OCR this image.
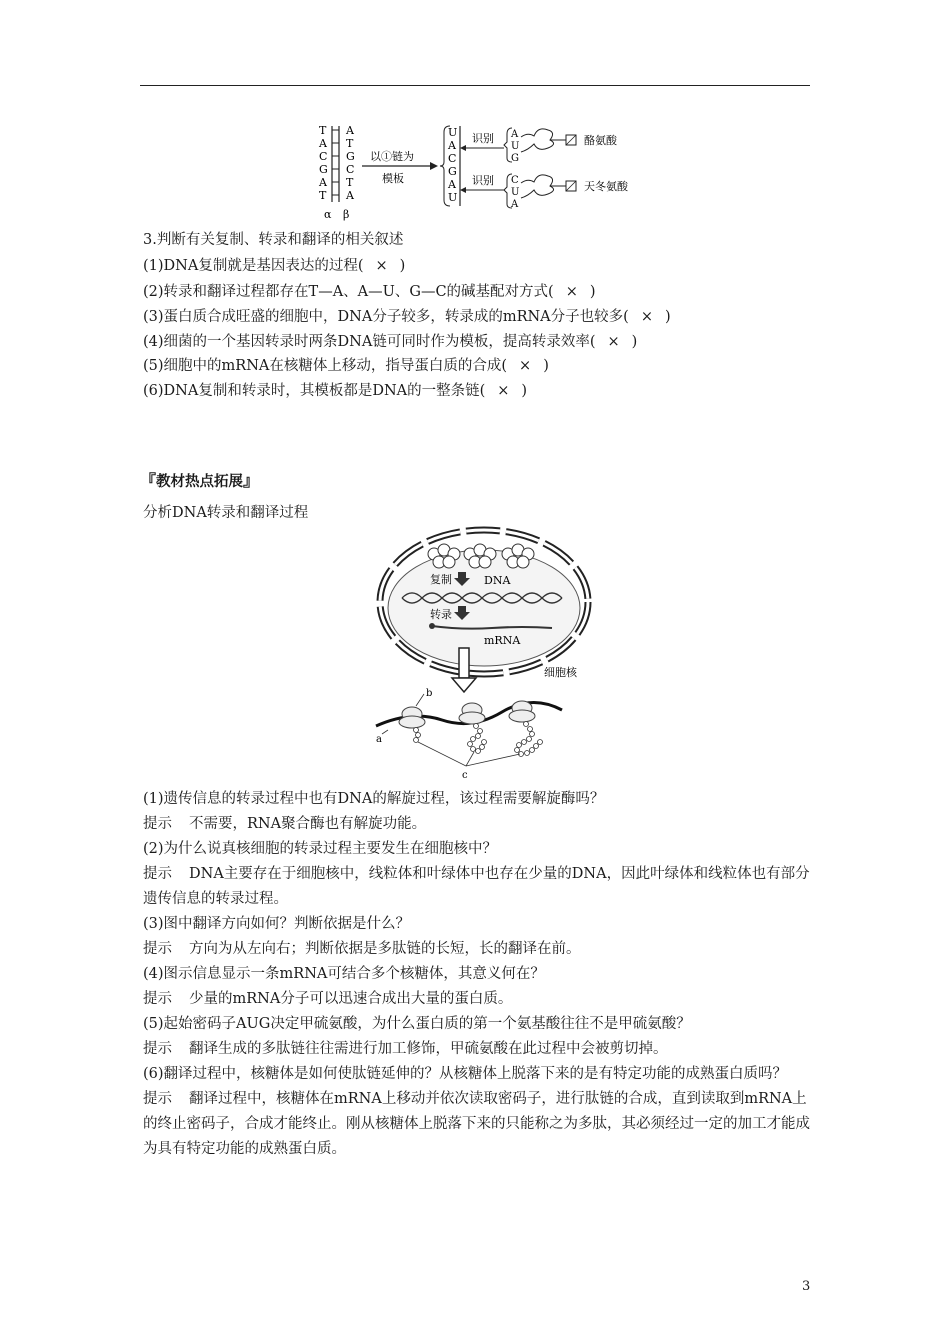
T
A
C
G
A
T
A
T
G
C
T
A
α β
以①链为
模板
U
A
C
G
A
U
识别
识别
A
U
G
酪氨酸
C
U
A
天冬氨酸
3.判断有关复制、转录和翻译的相关叙述
(1)DNA复制就是基因表达的过程( × )
(2)转录和翻译过程都存在T—A、A—U、G—C的碱基配对方式( × )
(3)蛋白质合成旺盛的细胞中，DNA分子较多，转录成的mRNA分子也较多( × )
(4)细菌的一个基因转录时两条DNA链可同时作为模板，提高转录效率( × )
(5)细胞中的mRNA在核糖体上移动，指导蛋白质的合成( × )
(6)DNA复制和转录时，其模板都是DNA的一整条链( × )
『教材热点拓展』
分析DNA转录和翻译过程
复制	DNA
转录
mRNA
细胞核
b
a
c
(1)遗传信息的转录过程中也有DNA的解旋过程，该过程需要解旋酶吗？
提示 不需要，RNA聚合酶也有解旋功能。
(2)为什么说真核细胞的转录过程主要发生在细胞核中？
提示 DNA主要存在于细胞核中，线粒体和叶绿体中也存在少量的DNA，因此叶绿体和线粒体也有部分遗传信息的转录过程。
(3)图中翻译方向如何？判断依据是什么？
提示 方向为从左向右；判断依据是多肽链的长短，长的翻译在前。
(4)图示信息显示一条mRNA可结合多个核糖体，其意义何在？
提示 少量的mRNA分子可以迅速合成出大量的蛋白质。
(5)起始密码子AUG决定甲硫氨酸，为什么蛋白质的第一个氨基酸往往不是甲硫氨酸？
提示 翻译生成的多肽链往往需进行加工修饰，甲硫氨酸在此过程中会被剪切掉。
(6)翻译过程中，核糖体是如何使肽链延伸的？从核糖体上脱落下来的是有特定功能的成熟蛋白质吗？
提示 翻译过程中，核糖体在mRNA上移动并依次读取密码子，进行肽链的合成，直到读取到mRNA上的终止密码子，合成才能终止。刚从核糖体上脱落下来的只能称之为多肽，其必须经过一定的加工才能成为具有特定功能的成熟蛋白质。
3
